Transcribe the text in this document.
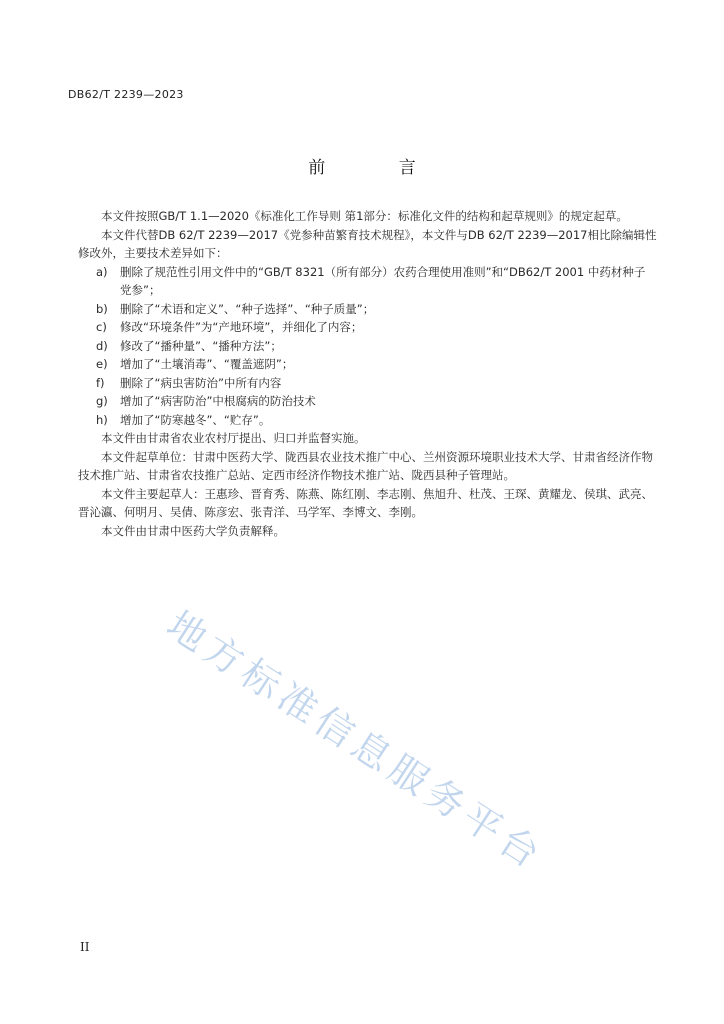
DB62/T 2239—2023
前 言

本文件按照GB/T 1.1—2020《标准化工作导则 第1部分：标准化文件的结构和起草规则》的规定起草。

本文件代替DB 62/T 2239—2017《党参种苗繁育技术规程》，本文件与DB 62/T 2239—2017相比除编辑性修改外，主要技术差异如下：

a) 删除了规范性引用文件中的“GB/T 8321（所有部分）农药合理使用准则”和“DB62/T 2001 中药材种子 党参”；
b) 删除了“术语和定义”、“种子选择”、“种子质量”；
c) 修改“环境条件”为“产地环境”，并细化了内容；
d) 修改了“播种量”、“播种方法”；
e) 增加了“土壤消毒”、“覆盖遮阴”；
f) 删除了“病虫害防治”中所有内容
g) 增加了“病害防治”中根腐病的防治技术
h) 增加了“防寒越冬”、“贮存”。

本文件由甘肃省农业农村厅提出、归口并监督实施。

本文件起草单位：甘肃中医药大学、陇西县农业技术推广中心、兰州资源环境职业技术大学、甘肃省经济作物技术推广站、甘肃省农技推广总站、定西市经济作物技术推广站、陇西县种子管理站。

本文件主要起草人：王惠珍、晋育秀、陈燕、陈红刚、李志刚、焦旭升、杜茂、王琛、黄耀龙、侯琪、武亮、晋沁瀛、何明月、吴倩、陈彦宏、张青洋、马学军、李博文、李刚。

本文件由甘肃中医药大学负责解释。

地方标准信息服务平台
II
